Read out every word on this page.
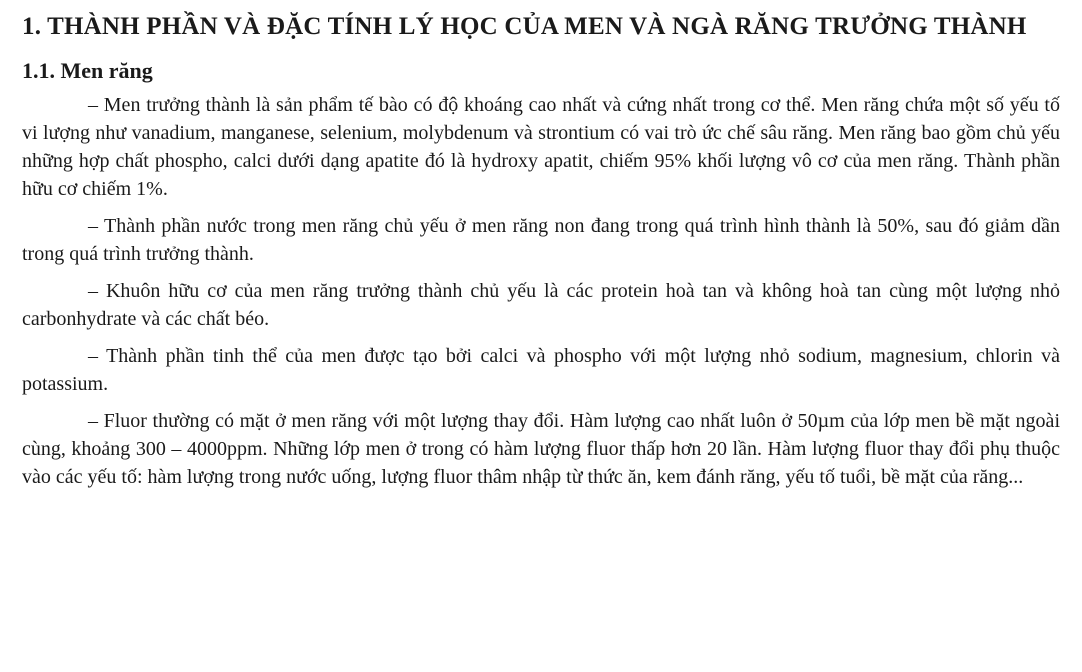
1. THÀNH PHẦN VÀ ĐẶC TÍNH LÝ HỌC CỦA MEN VÀ NGÀ RĂNG TRƯỞNG THÀNH
1.1. Men răng

– Men trưởng thành là sản phẩm tế bào có độ khoáng cao nhất và cứng nhất trong cơ thể. Men răng chứa một số yếu tố vi lượng như vanadium, manganese, selenium, molybdenum và strontium có vai trò ức chế sâu răng. Men răng bao gồm chủ yếu những hợp chất phospho, calci dưới dạng apatite đó là hydroxy apatit, chiếm 95% khối lượng vô cơ của men răng. Thành phần hữu cơ chiếm 1%.

– Thành phần nước trong men răng chủ yếu ở men răng non đang trong quá trình hình thành là 50%, sau đó giảm dần trong quá trình trưởng thành.

– Khuôn hữu cơ của men răng trưởng thành chủ yếu là các protein hoà tan và không hoà tan cùng một lượng nhỏ carbonhydrate và các chất béo.

– Thành phần tinh thể của men được tạo bởi calci và phospho với một lượng nhỏ sodium, magnesium, chlorin và potassium.

– Fluor thường có mặt ở men răng với một lượng thay đổi. Hàm lượng cao nhất luôn ở 50µm của lớp men bề mặt ngoài cùng, khoảng 300 – 4000ppm. Những lớp men ở trong có hàm lượng fluor thấp hơn 20 lần. Hàm lượng fluor thay đổi phụ thuộc vào các yếu tố: hàm lượng trong nước uống, lượng fluor thâm nhập từ thức ăn, kem đánh răng, yếu tố tuổi, bề mặt của răng...
